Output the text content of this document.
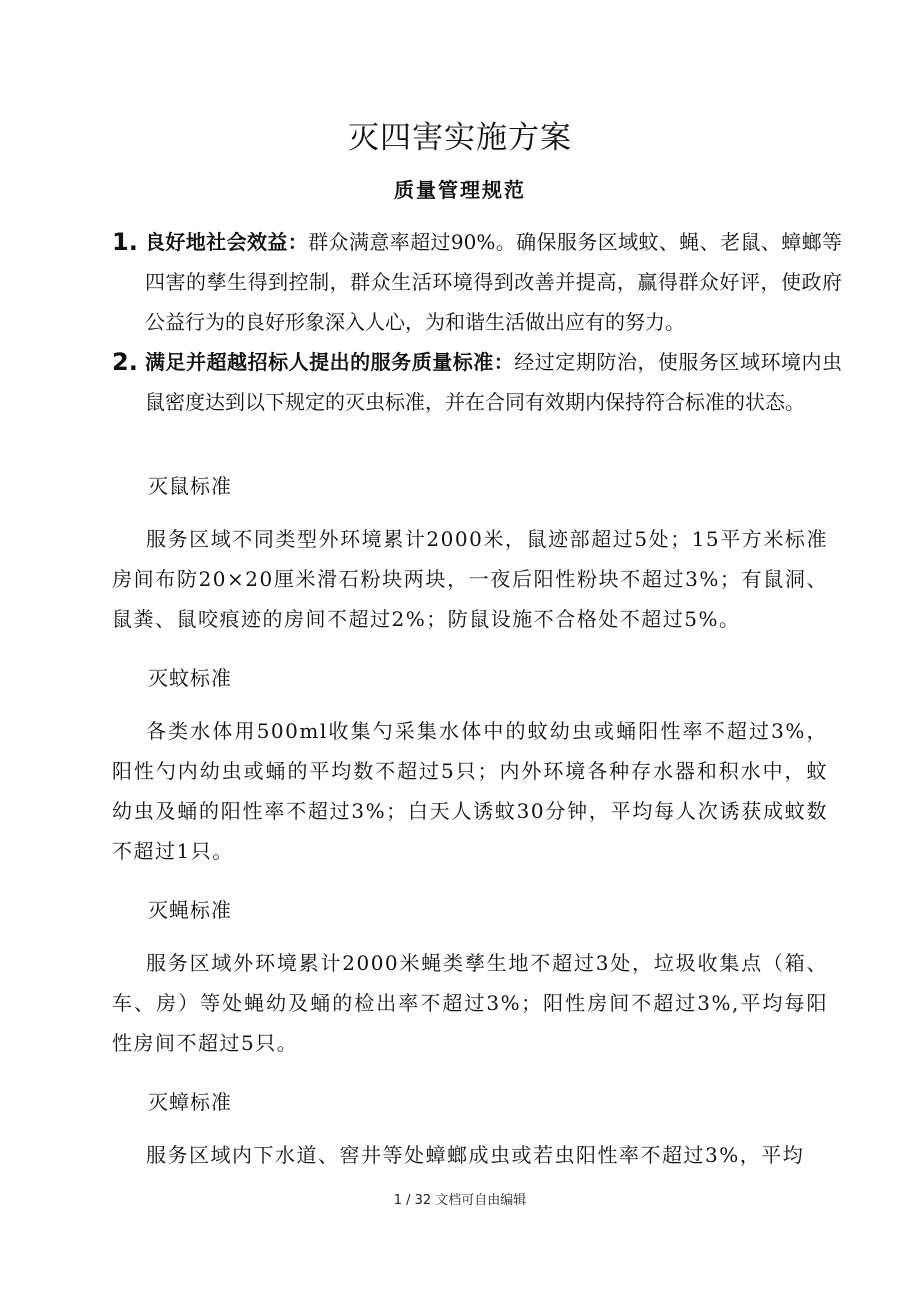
灭四害实施方案
质量管理规范
1. 良好地社会效益：群众满意率超过90%。确保服务区域蚊、蝇、老鼠、蟑螂等四害的孳生得到控制，群众生活环境得到改善并提高，赢得群众好评，使政府公益行为的良好形象深入人心，为和谐生活做出应有的努力。
2. 满足并超越招标人提出的服务质量标准：经过定期防治，使服务区域环境内虫鼠密度达到以下规定的灭虫标准，并在合同有效期内保持符合标准的状态。
灭鼠标准
服务区域不同类型外环境累计2000米，鼠迹部超过5处；15平方米标准房间布防20×20厘米滑石粉块两块，一夜后阳性粉块不超过3%；有鼠洞、鼠粪、鼠咬痕迹的房间不超过2%；防鼠设施不合格处不超过5%。
灭蚊标准
各类水体用500ml收集勺采集水体中的蚊幼虫或蛹阳性率不超过3%，阳性勺内幼虫或蛹的平均数不超过5只；内外环境各种存水器和积水中，蚊幼虫及蛹的阳性率不超过3%；白天人诱蚊30分钟，平均每人次诱获成蚊数不超过1只。
灭蝇标准
服务区域外环境累计2000米蝇类孳生地不超过3处，垃圾收集点（箱、车、房）等处蝇幼及蛹的检出率不超过3%；阳性房间不超过3%,平均每阳性房间不超过5只。
灭蟑标准
服务区域内下水道、窖井等处蟑螂成虫或若虫阳性率不超过3%，平均
1 / 32 文档可自由编辑
